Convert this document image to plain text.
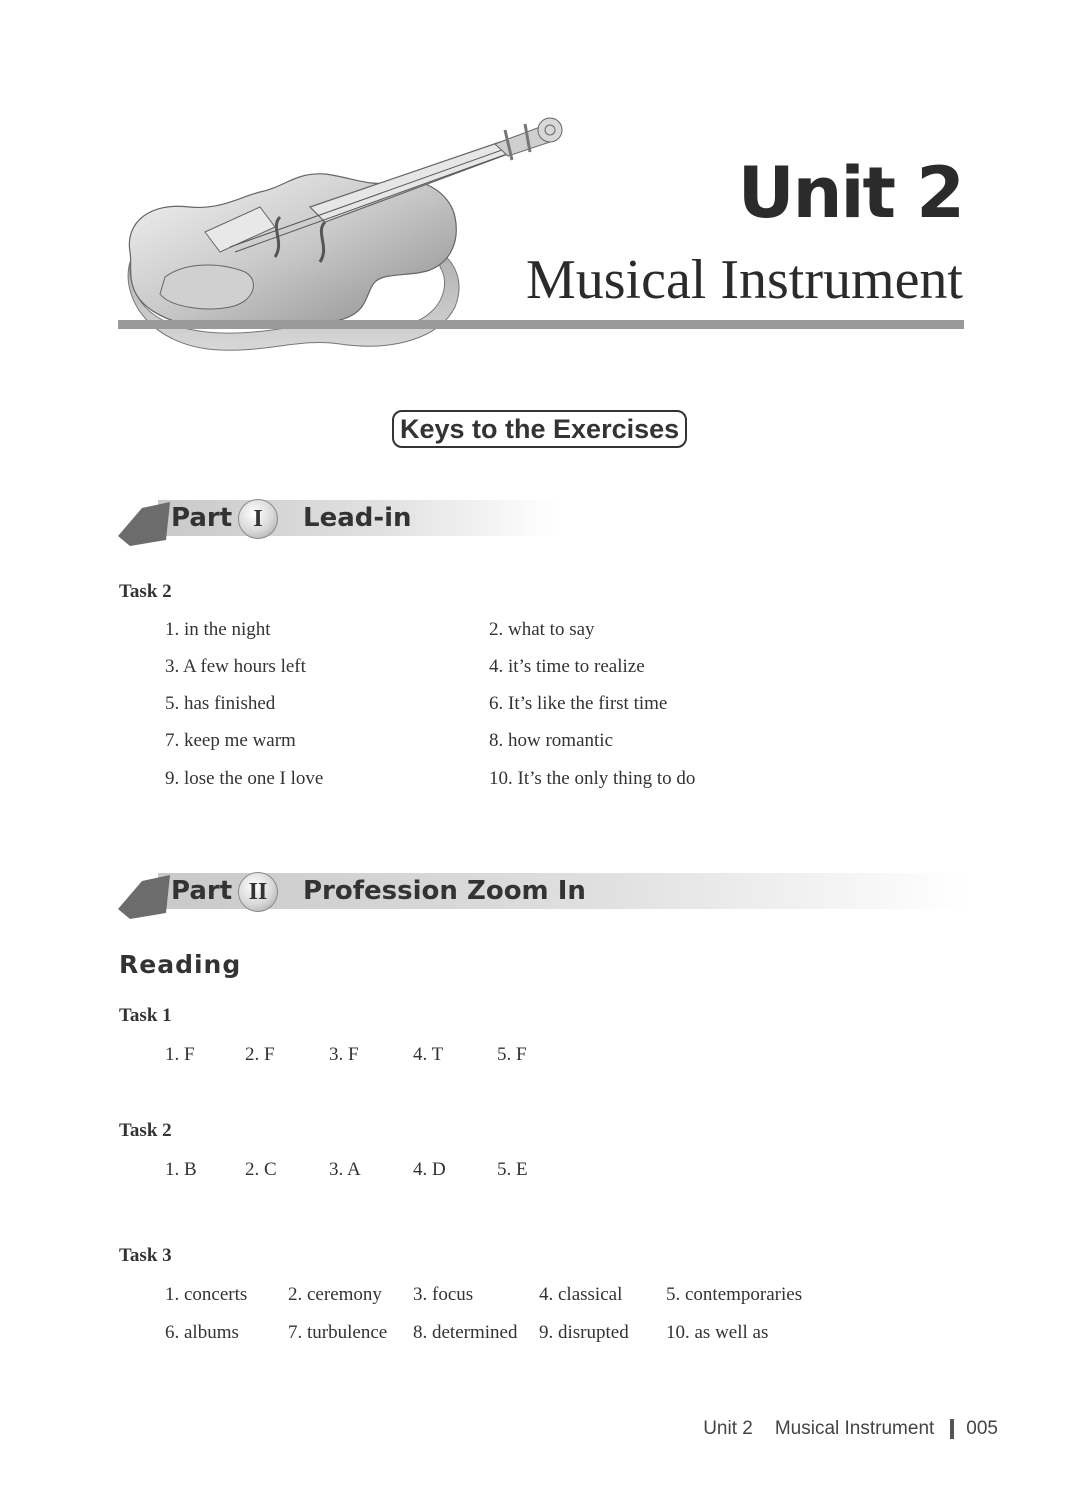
Unit 2
Musical Instrument
Keys to the Exercises
Part I	Lead-in
Task 2
1. in the night	2. what to say
3. A few hours left	4. it’s time to realize
5. has finished	6. It’s like the first time
7. keep me warm	8. how romantic
9. lose the one I love	10. It’s the only thing to do
Part II	Profession Zoom In
Reading
Task 1
1. F	2. F	3. F	4. T	5. F
Task 2
1. B	2. C	3. A	4. D	5. E
Task 3
1. concerts 2. ceremony 3. focus	4. classical 5. contemporaries
6. albums	7. turbulence 8. determined 9. disrupted 10. as well as
Unit 2 Musical Instrument 005
